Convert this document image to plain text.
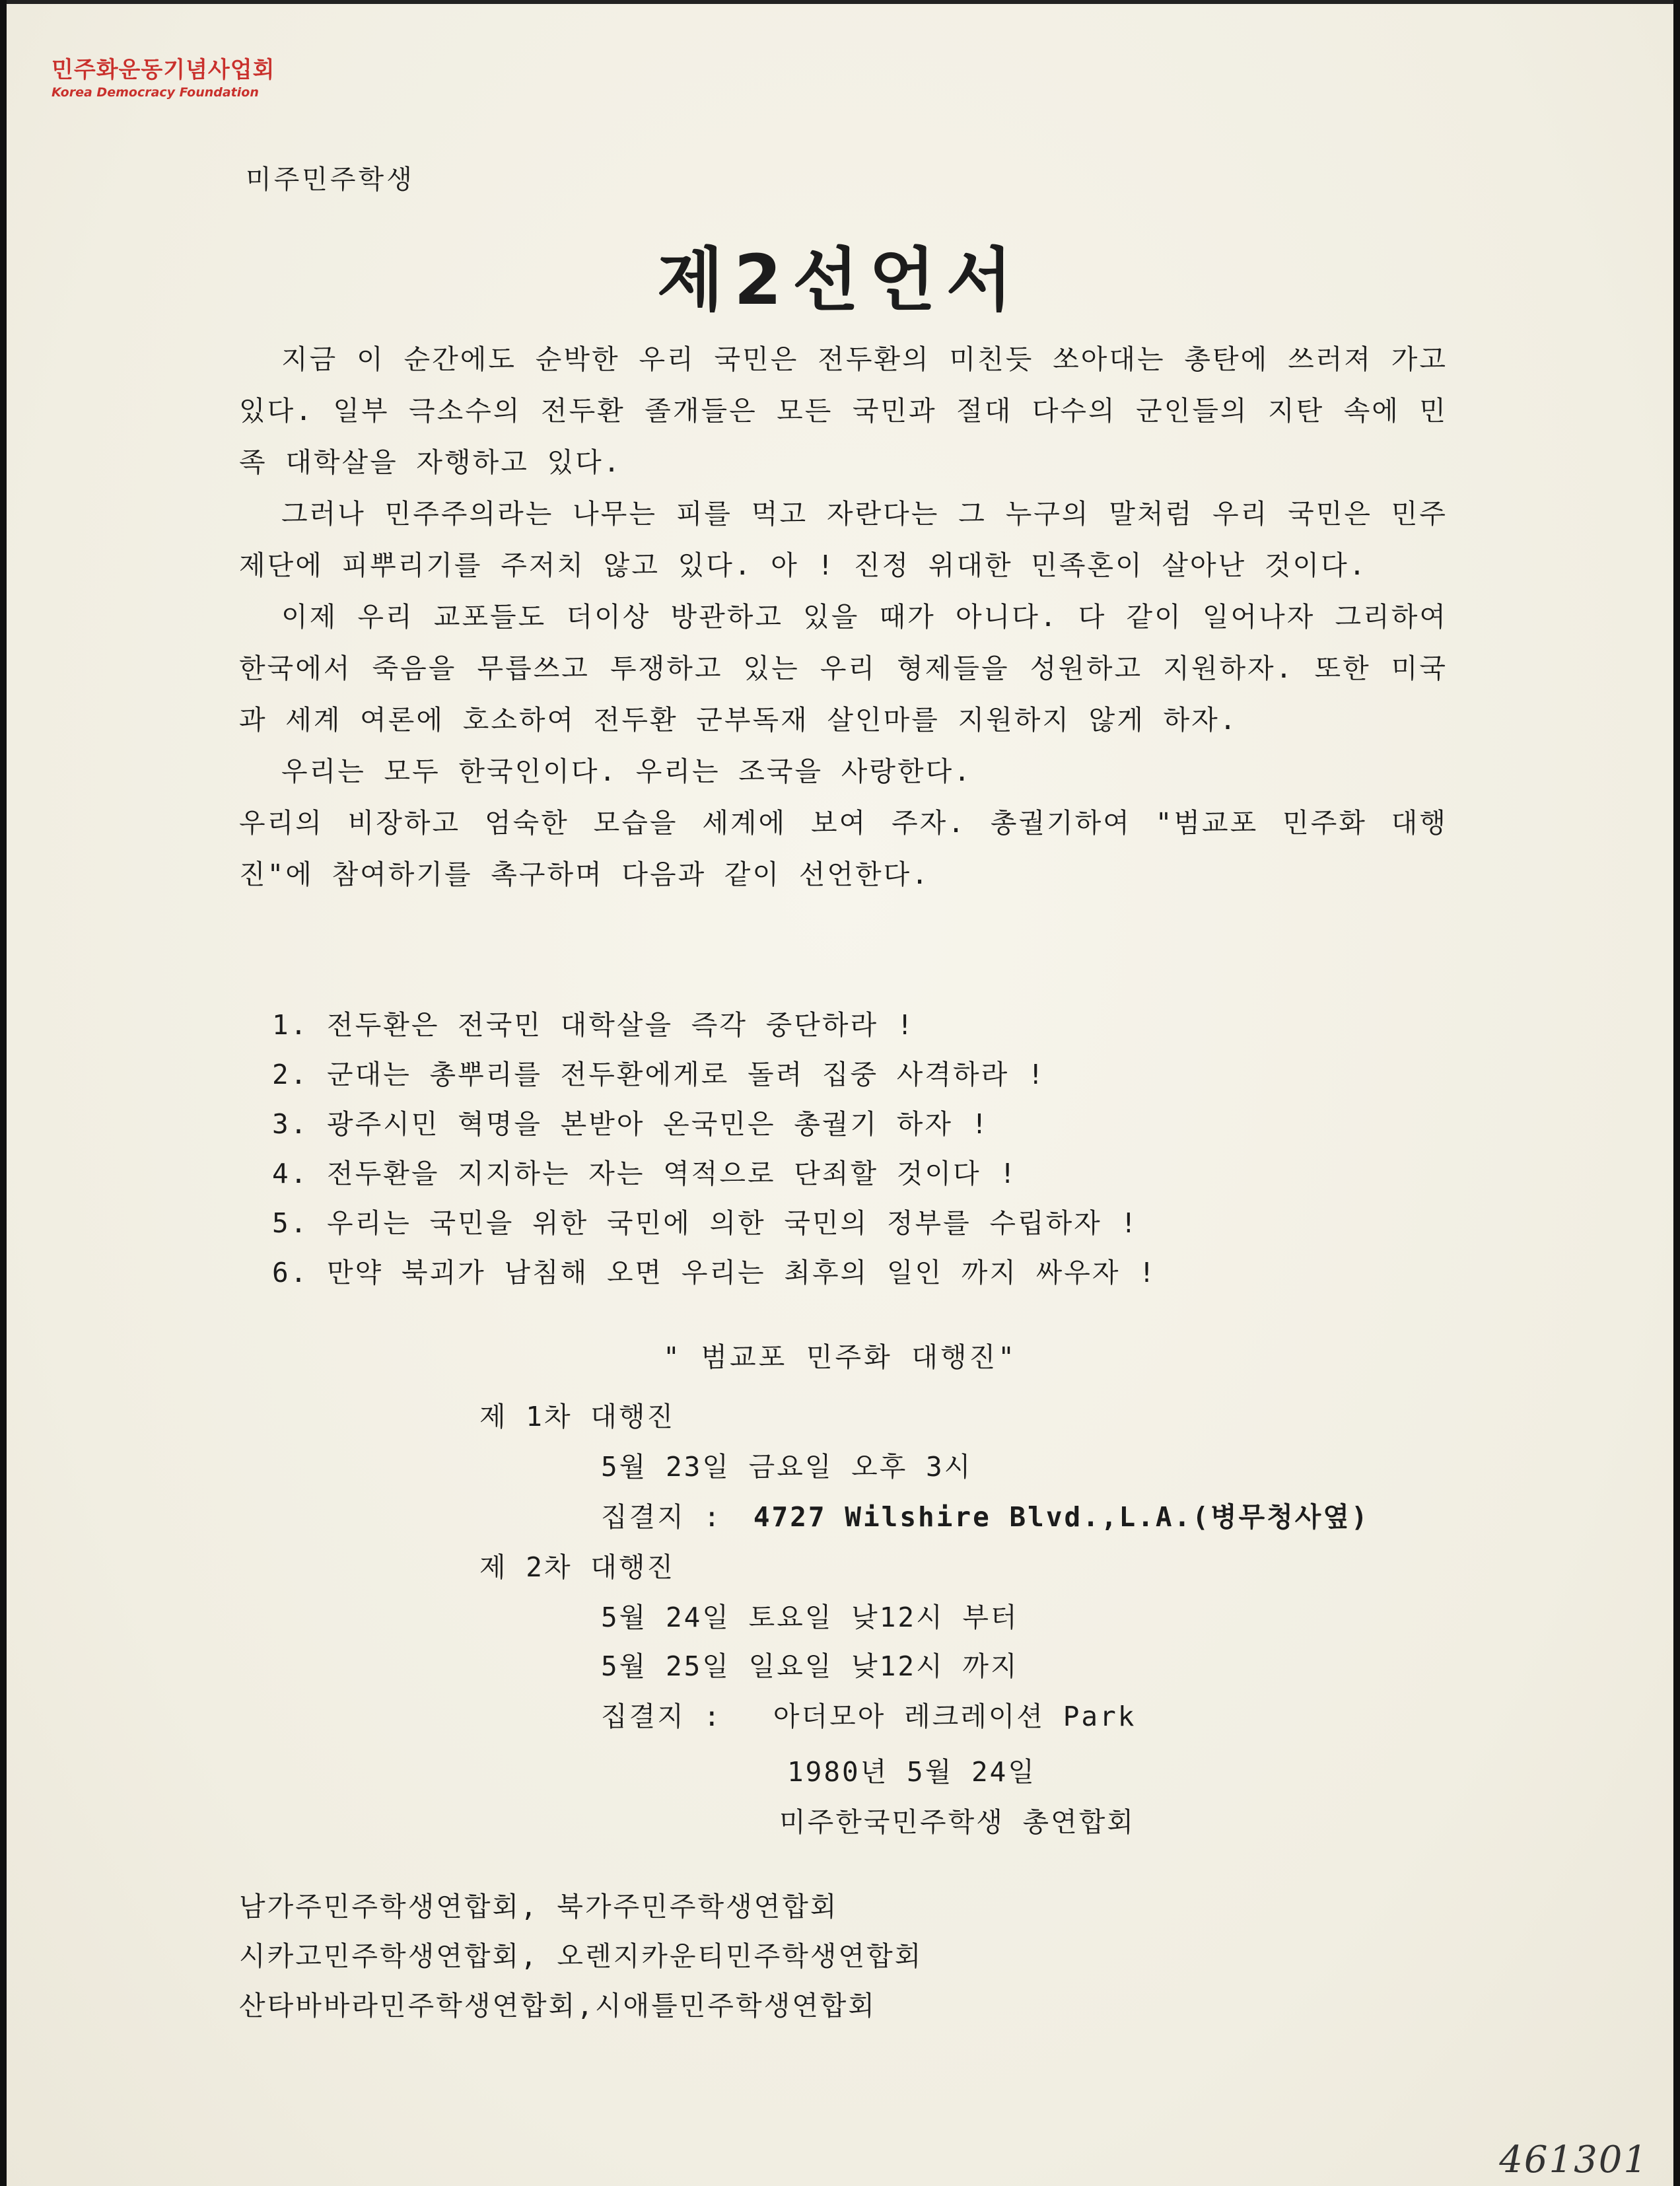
민주화운동기념사업회
Korea Democracy Foundation
미주민주학생
제2선언서

지금 이 순간에도 순박한 우리 국민은 전두환의 미친듯 쏘아대는 총탄에 쓰러져 가고 있다. 일부 극소수의 전두환 졸개들은 모든 국민과 절대 다수의 군인들의 지탄 속에 민족 대학살을 자행하고 있다.

그러나 민주주의라는 나무는 피를 먹고 자란다는 그 누구의 말처럼 우리 국민은 민주제단에 피뿌리기를 주저치 않고 있다. 아 ! 진정 위대한 민족혼이 살아난 것이다.

이제 우리 교포들도 더이상 방관하고 있을 때가 아니다. 다 같이 일어나자 그리하여 한국에서 죽음을 무릅쓰고 투쟁하고 있는 우리 형제들을 성원하고 지원하자. 또한 미국과 세계 여론에 호소하여 전두환 군부독재 살인마를 지원하지 않게 하자.

우리는 모두 한국인이다. 우리는 조국을 사랑한다.

우리의 비장하고 엄숙한 모습을 세계에 보여 주자. 총궐기하여 "범교포 민주화 대행진"에 참여하기를 촉구하며 다음과 같이 선언한다.

1. 전두환은 전국민 대학살을 즉각 중단하라 !
2. 군대는 총뿌리를 전두환에게로 돌려 집중 사격하라 !
3. 광주시민 혁명을 본받아 온국민은 총궐기 하자 !
4. 전두환을 지지하는 자는 역적으로 단죄할 것이다 !
5. 우리는 국민을 위한 국민에 의한 국민의 정부를 수립하자 !
6. 만약 북괴가 남침해 오면 우리는 최후의 일인 까지 싸우자 !
" 범교포 민주화 대행진"
제 1차 대행진
5월 23일 금요일 오후 3시
집결지 : 4727 Wilshire Blvd.,L.A.(병무청사옆)
제 2차 대행진
5월 24일 토요일 낮12시 부터
5월 25일 일요일 낮12시 까지
집결지 : 아더모아 레크레이션 Park
1980년 5월 24일
미주한국민주학생 총연합회
남가주민주학생연합회, 북가주민주학생연합회
시카고민주학생연합회, 오렌지카운티민주학생연합회
산타바바라민주학생연합회,시애틀민주학생연합회
461301
